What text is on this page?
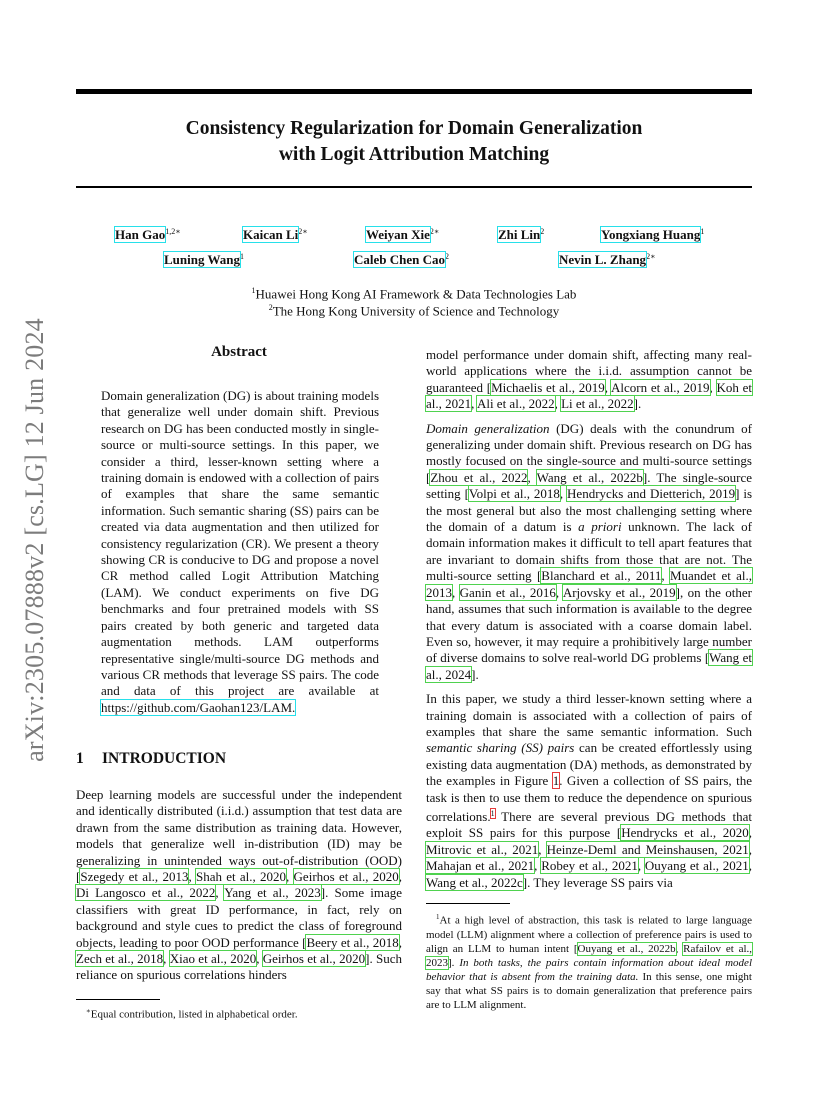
arXiv:2305.07888v2 [cs.LG] 12 Jun 2024
Consistency Regularization for Domain Generalization
with Logit Attribution Matching
Han Gao$^{1,2∗}$	Kaican $Li^{2∗}$	Weiyan Xie$^{2∗}$	Zhi Lin$^2$	Yongxiang Huang$^1$
Luning Wang$^1$	Caleb Chen Cao$^2$	Nevin L. Zhang$^{2∗}$
$^1$Huawei Hong Kong AI Framework & Data Technologies Lab
$^2$The Hong Kong University of Science and Technology
Abstract
Domain generalization (DG) is about training models that generalize well under domain shift. Previous research on DG has been conducted mostly in single-source or multi-source settings. In this paper, we consider a third, lesser-known setting where a training domain is endowed with a collection of pairs of examples that share the same semantic information. Such semantic sharing (SS) pairs can be created via data augmentation and then utilized for consistency regularization (CR). We present a theory showing CR is conducive to DG and propose a novel CR method called Logit Attribution Matching (LAM). We conduct experiments on five DG benchmarks and four pretrained models with SS pairs created by both generic and targeted data augmentation methods. LAM outperforms representative single/multi-source DG methods and various CR methods that leverage SS pairs. The code and data of this project are available at https://github.com/Gaohan123/LAM.
1 INTRODUCTION
Deep learning models are successful under the independent and identically distributed (i.i.d.) assumption that test data are drawn from the same distribution as training data. However, models that generalize well in-distribution (ID) may be generalizing in unintended ways out-of-distribution (OOD) [Szegedy et al., 2013, Shah et al., 2020, Geirhos et al., 2020, Di Langosco et al., 2022, Yang et al., 2023]. Some image classifiers with great ID performance, in fact, rely on background and style cues to predict the class of foreground objects, leading to poor OOD performance [Beery et al., 2018, Zech et al., 2018, Xiao et al., 2020, Geirhos et al., 2020]. Such reliance on spurious correlations hinders
∗Equal contribution, listed in alphabetical order.

model performance under domain shift, affecting many real-world applications where the i.i.d. assumption cannot be guaranteed [Michaelis et al., 2019, Alcorn et al., 2019, Koh et al., 2021, Ali et al., 2022, Li et al., 2022].

Domain generalization (DG) deals with the conundrum of generalizing under domain shift. Previous research on DG has mostly focused on the single-source and multi-source settings [Zhou et al., 2022, Wang et al., 2022b]. The single-source setting [Volpi et al., 2018, Hendrycks and Dietterich, 2019] is the most general but also the most challenging setting where the domain of a datum is a priori unknown. The lack of domain information makes it difficult to tell apart features that are invariant to domain shifts from those that are not. The multi-source setting [Blanchard et al., 2011, Muandet et al., 2013, Ganin et al., 2016, Arjovsky et al., 2019], on the other hand, assumes that such information is available to the degree that every datum is associated with a coarse domain label. Even so, however, it may require a prohibitively large number of diverse domains to solve real-world DG problems [Wang et al., 2024].

In this paper, we study a third lesser-known setting where a training domain is associated with a collection of pairs of examples that share the same semantic information. Such semantic sharing (SS) pairs can be created effortlessly using existing data augmentation (DA) methods, as demonstrated by the examples in Figure 1. Given a collection of SS pairs, the task is then to use them to reduce the dependence on spurious correlations.$^1$ There are several previous DG methods that exploit SS pairs for this purpose [Hendrycks et al., 2020, Mitrovic et al., 2021, Heinze-Deml and Meinshausen, 2021, Mahajan et al., 2021, Robey et al., 2021, Ouyang et al., 2021, Wang et al., 2022c]. They leverage SS pairs via

$^1$At a high level of abstraction, this task is related to large language model (LLM) alignment where a collection of preference pairs is used to align an LLM to human intent [Ouyang et al., 2022b, Rafailov et al., 2023]. In both tasks, the pairs contain information about ideal model behavior that is absent from the training data. In this sense, one might say that what SS pairs is to domain generalization that preference pairs are to LLM alignment.
